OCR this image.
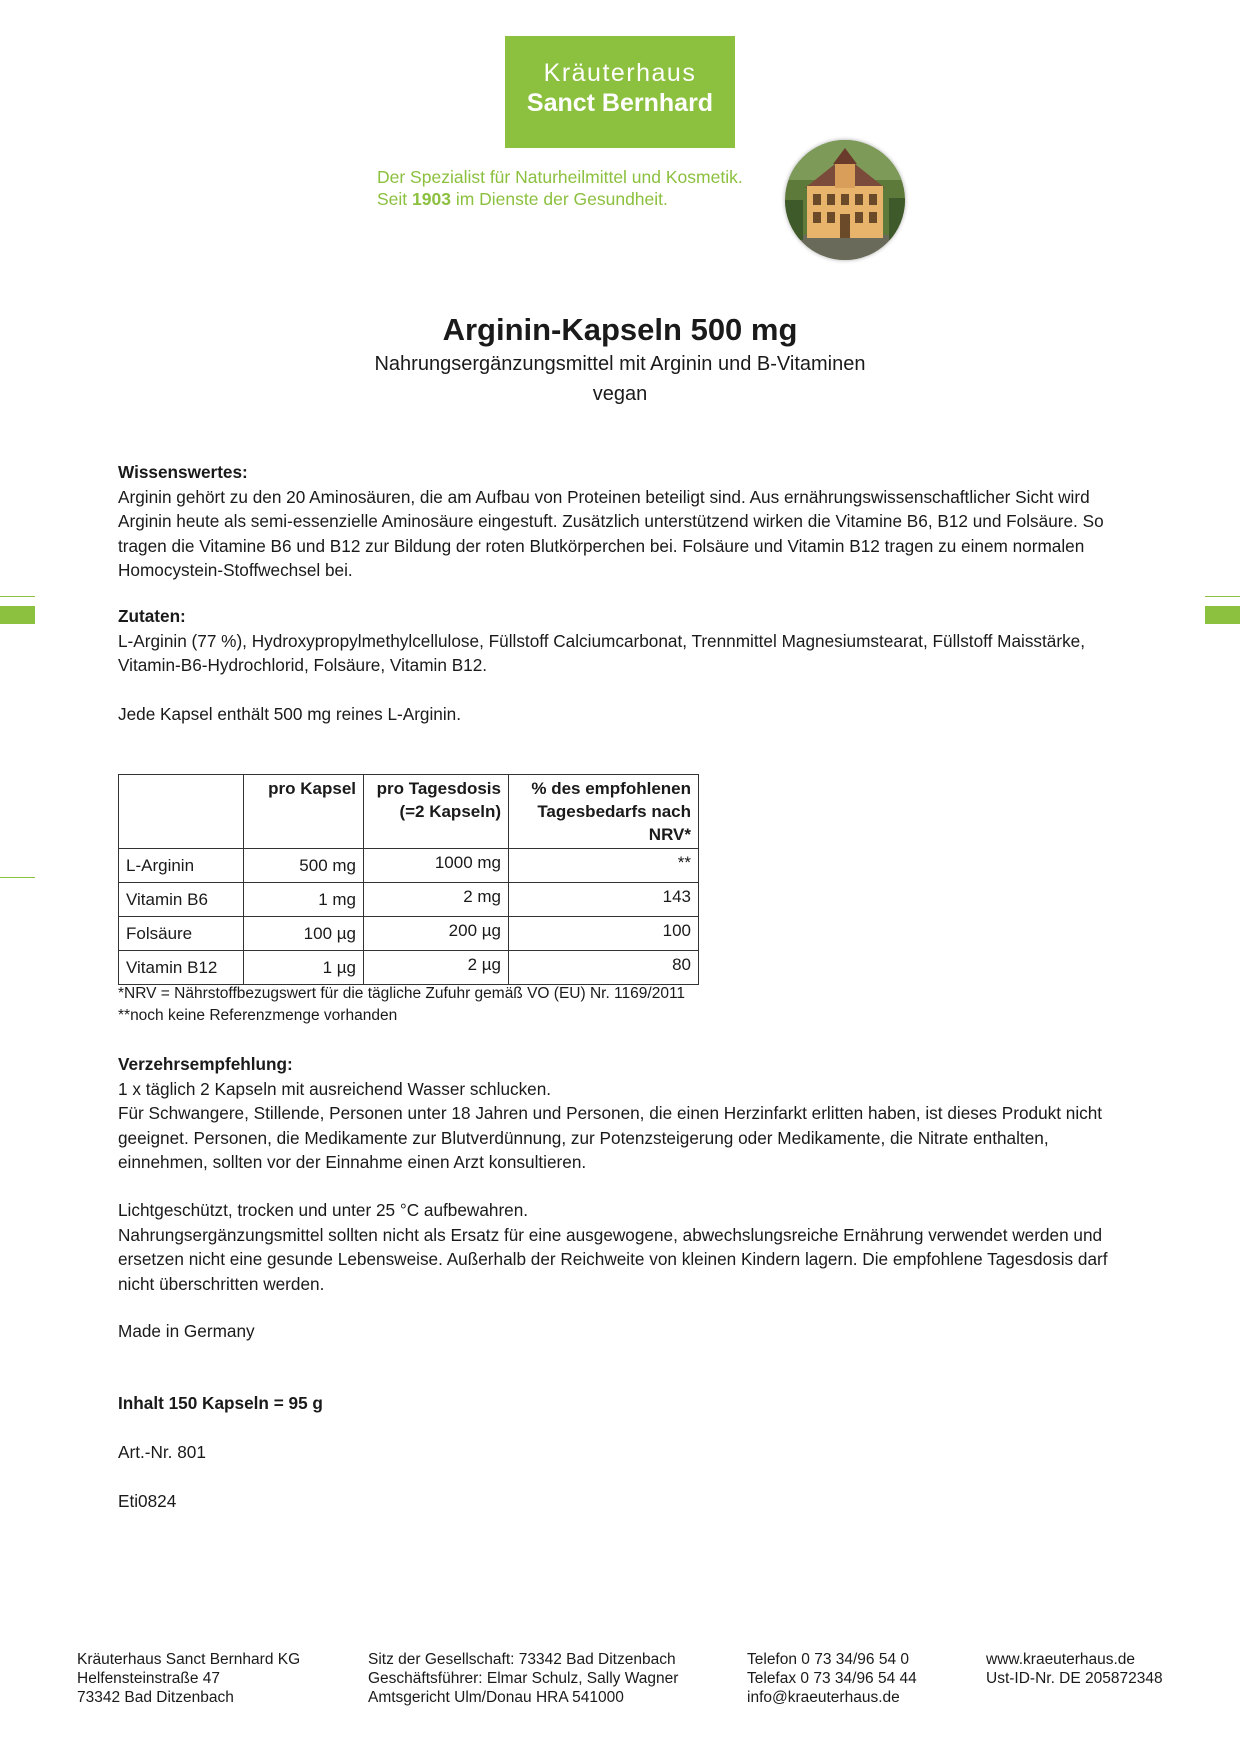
Kräuterhaus
Sanct Bernhard
Der Spezialist für Naturheilmittel und Kosmetik.
Seit 1903 im Dienste der Gesundheit.
Arginin-Kapseln 500 mg
Nahrungsergänzungsmittel mit Arginin und B-Vitaminen
vegan
Wissenswertes:
Arginin gehört zu den 20 Aminosäuren, die am Aufbau von Proteinen beteiligt sind. Aus ernährungswissenschaftlicher Sicht wird Arginin heute als semi-essenzielle Aminosäure eingestuft. Zusätzlich unterstützend wirken die Vitamine B6, B12 und Folsäure. So tragen die Vitamine B6 und B12 zur Bildung der roten Blutkörperchen bei. Folsäure und Vitamin B12 tragen zu einem normalen Homocystein-Stoffwechsel bei.
Zutaten:
L-Arginin (77 %), Hydroxypropylmethylcellulose, Füllstoff Calciumcarbonat, Trennmittel Magnesiumstearat, Füllstoff Maisstärke, Vitamin-B6-Hydrochlorid, Folsäure, Vitamin B12.
Jede Kapsel enthält 500 mg reines L-Arginin.
	pro Kapsel	pro Tagesdosis (=2 Kapseln)	% des empfohlenen Tagesbedarfs nach NRV*
L-Arginin	500 mg	1000 mg	**
Vitamin B6	1 mg	2 mg	143
Folsäure	100 µg	200 µg	100
Vitamin B12	1 µg	2 µg	80
*NRV = Nährstoffbezugswert für die tägliche Zufuhr gemäß VO (EU) Nr. 1169/2011
**noch keine Referenzmenge vorhanden
Verzehrsempfehlung:
1 x täglich 2 Kapseln mit ausreichend Wasser schlucken.
Für Schwangere, Stillende, Personen unter 18 Jahren und Personen, die einen Herzinfarkt erlitten haben, ist dieses Produkt nicht geeignet. Personen, die Medikamente zur Blutverdünnung, zur Potenzsteigerung oder Medikamente, die Nitrate enthalten, einnehmen, sollten vor der Einnahme einen Arzt konsultieren.
Lichtgeschützt, trocken und unter 25 °C aufbewahren.
Nahrungsergänzungsmittel sollten nicht als Ersatz für eine ausgewogene, abwechslungsreiche Ernährung verwendet werden und ersetzen nicht eine gesunde Lebensweise. Außerhalb der Reichweite von kleinen Kindern lagern. Die empfohlene Tagesdosis darf nicht überschritten werden.
Made in Germany
Inhalt 150 Kapseln = 95 g
Art.-Nr. 801
Eti0824
Kräuterhaus Sanct Bernhard KG
Helfensteinstraße 47
73342 Bad Ditzenbach
Sitz der Gesellschaft: 73342 Bad Ditzenbach
Geschäftsführer: Elmar Schulz, Sally Wagner
Amtsgericht Ulm/Donau HRA 541000
Telefon 0 73 34/96 54 0
Telefax 0 73 34/96 54 44
info@kraeuterhaus.de
www.kraeuterhaus.de
Ust-ID-Nr. DE 205872348
